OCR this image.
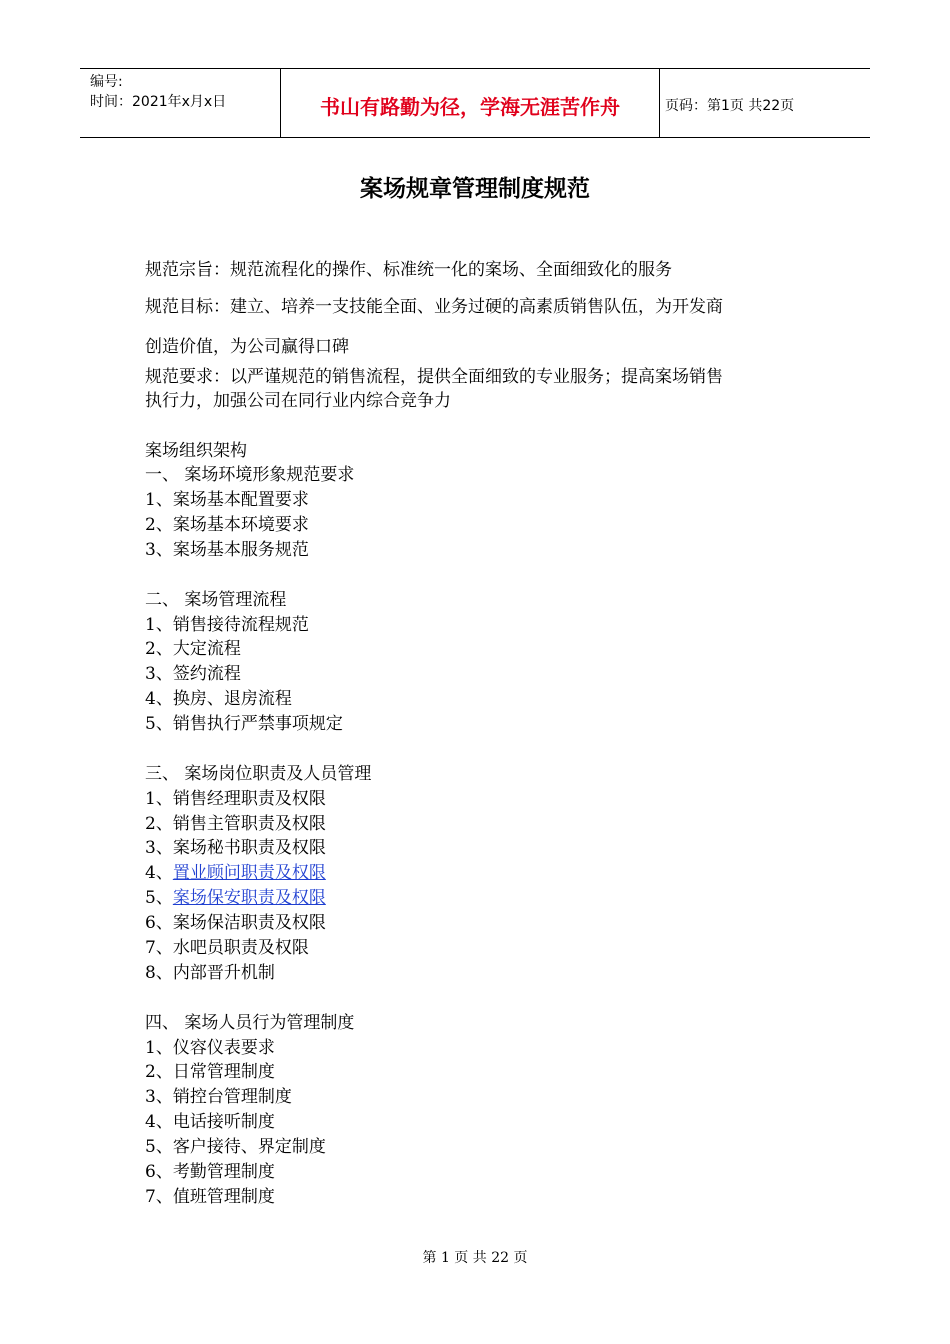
编号:
时间：2021年x月x日	书山有路勤为径，学海无涯苦作舟	页码：第1页 共22页
案场规章管理制度规范
规范宗旨：规范流程化的操作、标准统一化的案场、全面细致化的服务
规范目标：建立、培养一支技能全面、业务过硬的高素质销售队伍，为开发商
创造价值，为公司赢得口碑
规范要求：以严谨规范的销售流程，提供全面细致的专业服务；提高案场销售
执行力，加强公司在同行业内综合竞争力
案场组织架构
一、 案场环境形象规范要求
1、案场基本配置要求
2、案场基本环境要求
3、案场基本服务规范
二、 案场管理流程
1、销售接待流程规范
2、大定流程
3、签约流程
4、换房、退房流程
5、销售执行严禁事项规定
三、 案场岗位职责及人员管理
1、销售经理职责及权限
2、销售主管职责及权限
3、案场秘书职责及权限
4、置业顾问职责及权限
5、案场保安职责及权限
6、案场保洁职责及权限
7、水吧员职责及权限
8、内部晋升机制
四、 案场人员行为管理制度
1、仪容仪表要求
2、日常管理制度
3、销控台管理制度
4、电话接听制度
5、客户接待、界定制度
6、考勤管理制度
7、值班管理制度
第 1 页 共 22 页
